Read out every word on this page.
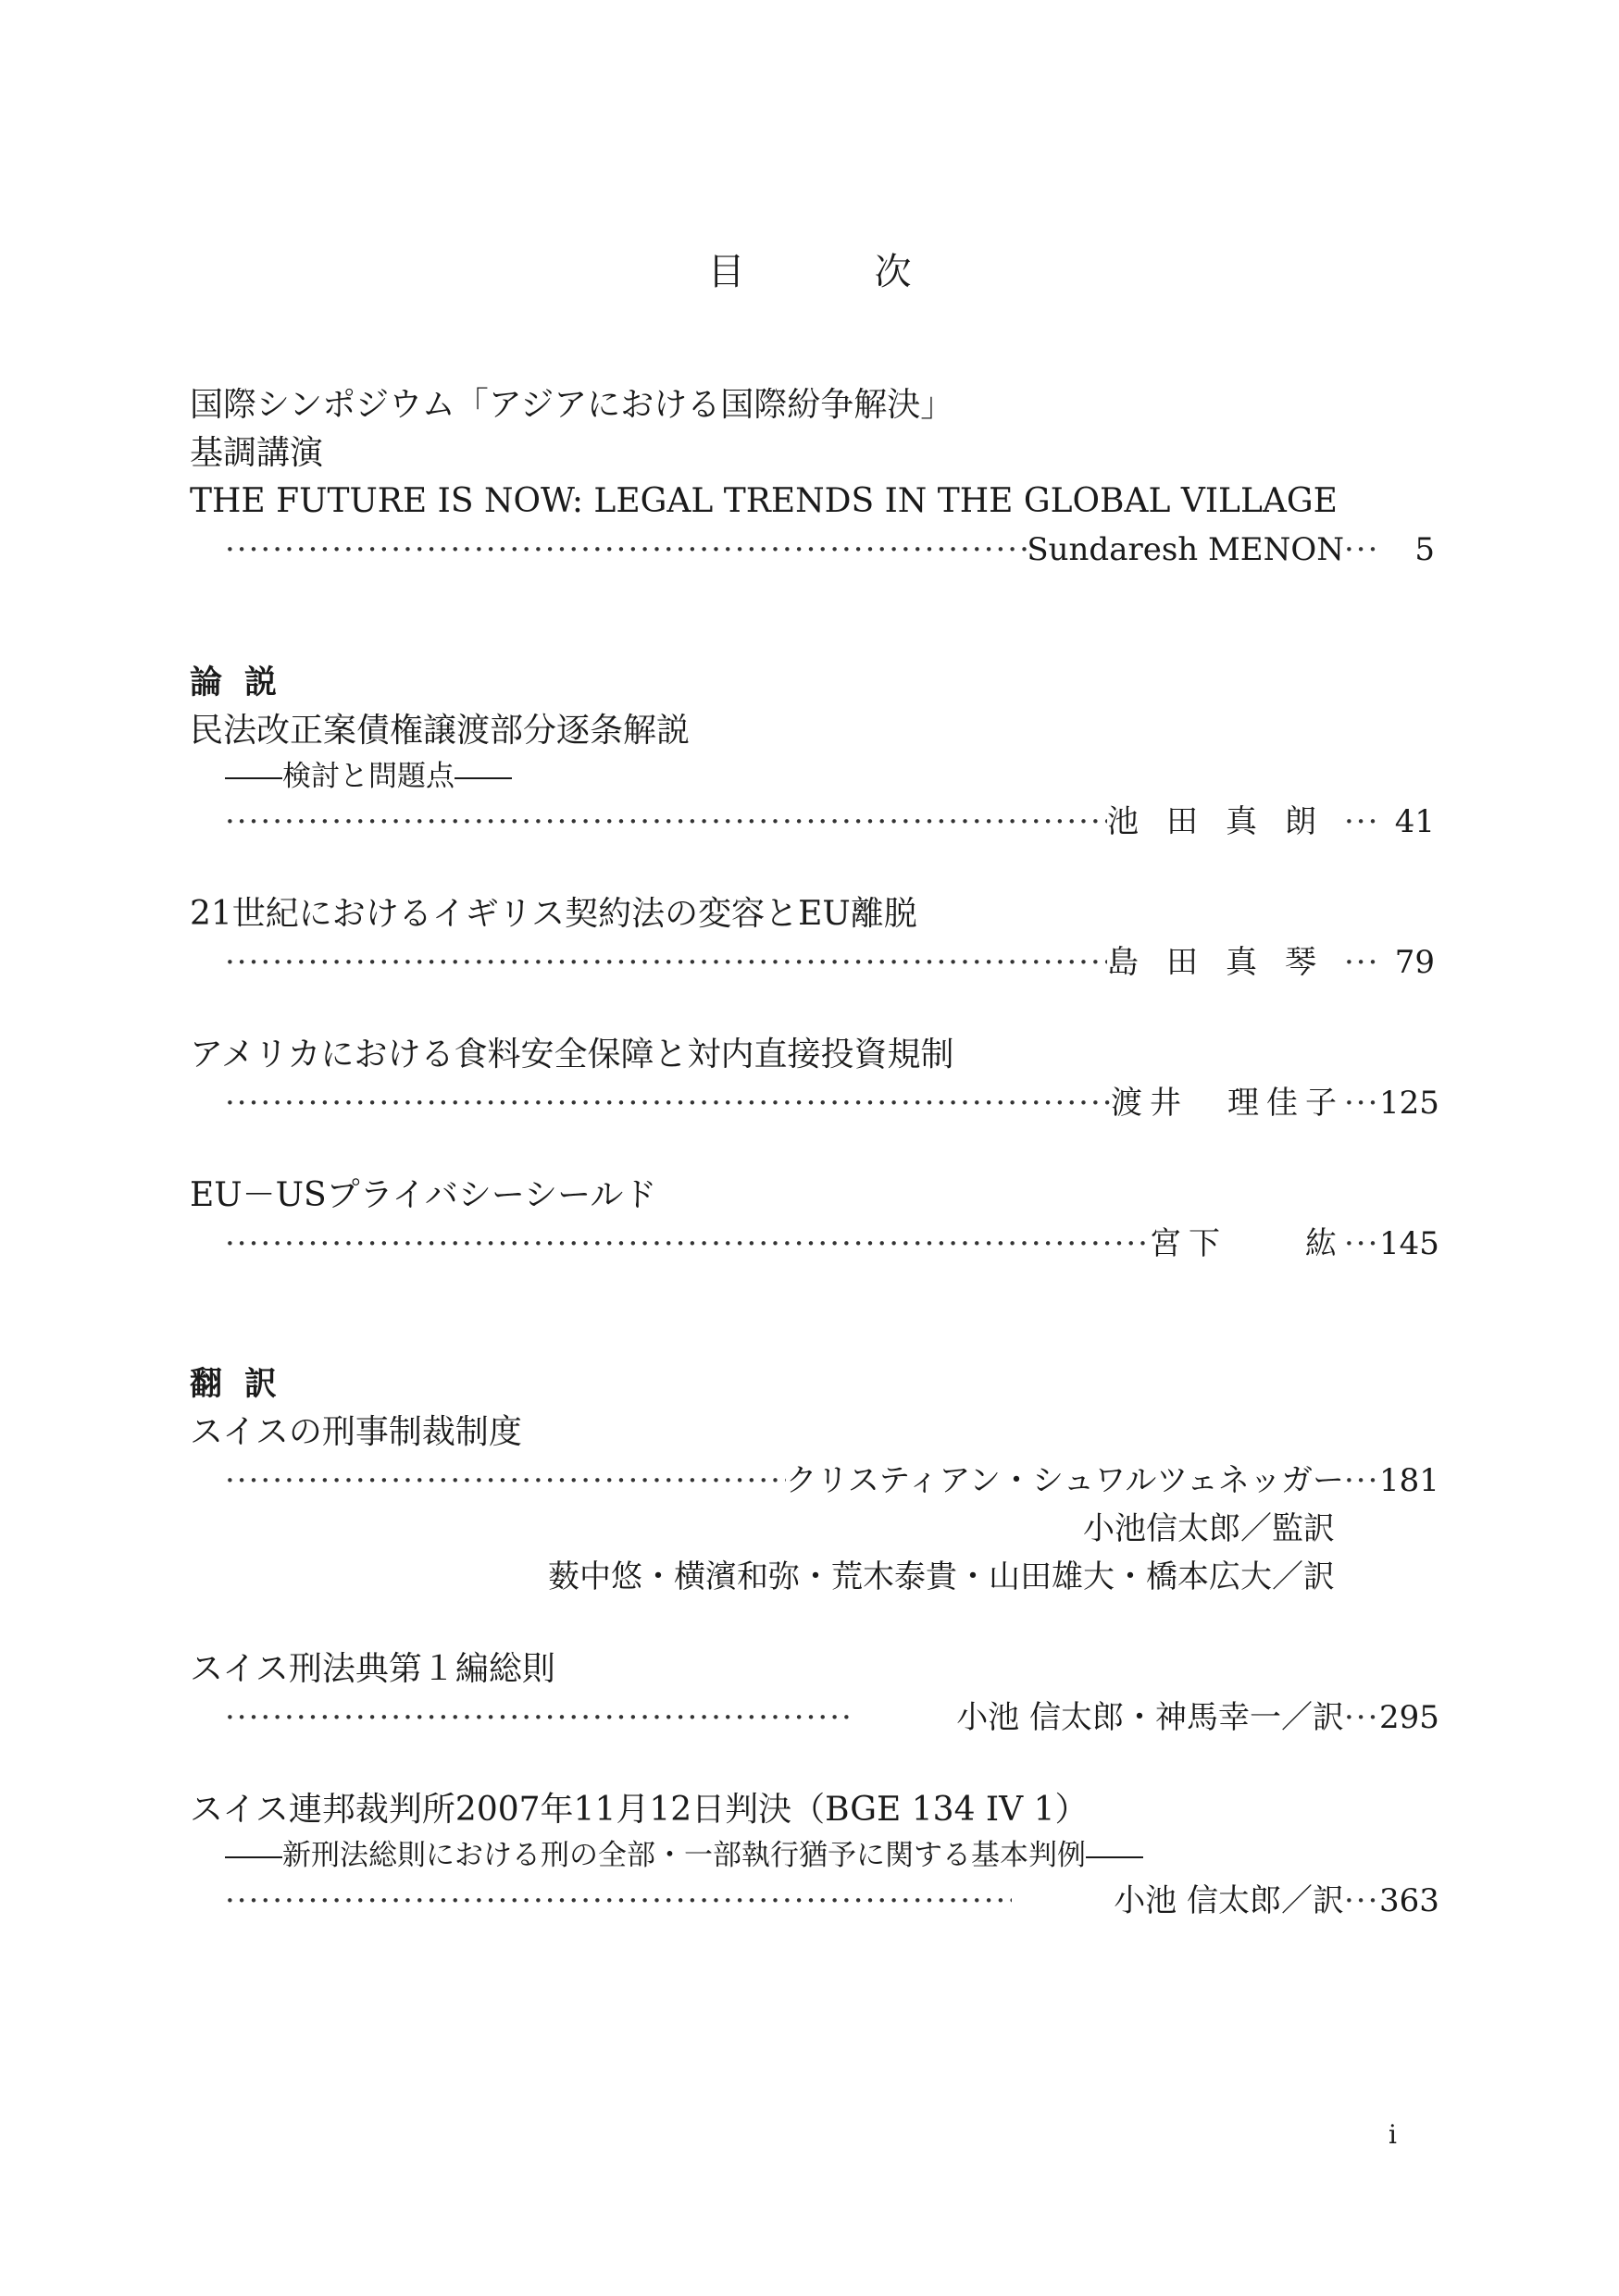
目　次
国際シンポジウム「アジアにおける国際紛争解決」
基調講演
THE FUTURE IS NOW: LEGAL TRENDS IN THE GLOBAL VILLAGE
·····
Sundaresh MENON ·····	5
論説
民法改正案債権譲渡部分逐条解説
――検討と問題点――
·····
池田真朗 ·····	41
21世紀におけるイギリス契約法の変容とEU離脱
·····
島田真琴 ·····	79
アメリカにおける食料安全保障と対内直接投資規制
·····
渡井　理佳子 ····· 125
EU－USプライバシーシールド
·····
宮下　　紘 ····· 145
翻訳
スイスの刑事制裁制度
·····
クリスティアン・シュワルツェネッガー ····· 181
小池信太郎／監訳
薮中悠・横濱和弥・荒木泰貴・山田雄大・橋本広大／訳
スイス刑法典第１編総則
·····
小池 信太郎・神馬幸一／訳 ····· 295
スイス連邦裁判所2007年11月12日判決（BGE 134 IV 1）
――新刑法総則における刑の全部・一部執行猶予に関する基本判例――
·····
小池 信太郎／訳 ····· 363
i
